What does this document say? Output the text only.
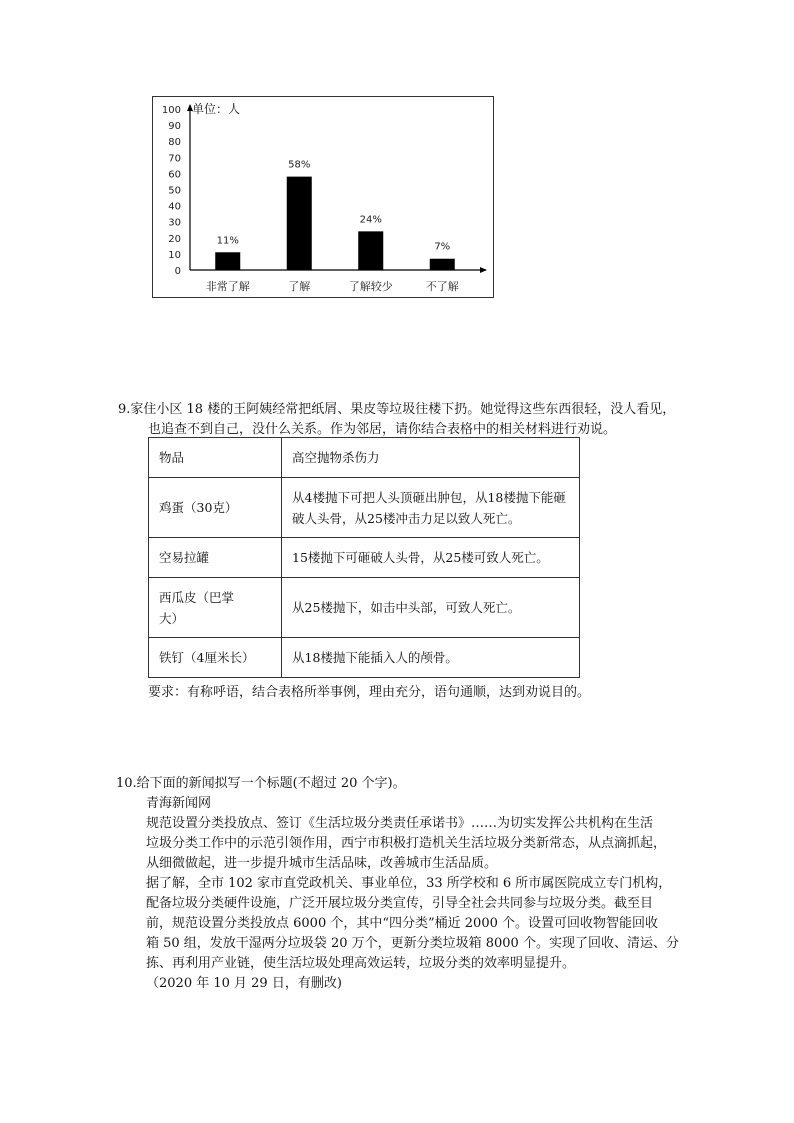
单位：人
0
10
20
30
40
50
60
70
80
90
100
11%
非常了解
58%
了解
24%
了解较少
7%
不了解
9.家住小区 18 楼的王阿姨经常把纸屑、果皮等垃圾往楼下扔。她觉得这些东西很轻，没人看见，
也追查不到自己，没什么关系。作为邻居，请你结合表格中的相关材料进行劝说。
物品	高空抛物杀伤力
鸡蛋（30克）	从4楼抛下可把人头顶砸出肿包，从18楼抛下能砸
破人头骨，从25楼冲击力足以致人死亡。

空易拉罐	15楼抛下可砸破人头骨，从25楼可致人死亡。

西瓜皮（巴掌
大）	从25楼抛下，如击中头部，可致人死亡。
铁钉（4厘米长）	从18楼抛下能插入人的颅骨。
要求：有称呼语，结合表格所举事例，理由充分，语句通顺，达到劝说目的。
10.给下面的新闻拟写一个标题(不超过 20 个字)。
青海新闻网
规范设置分类投放点、签订《生活垃圾分类责任承诺书》……为切实发挥公共机构在生活
垃圾分类工作中的示范引领作用，西宁市积极打造机关生活垃圾分类新常态，从点滴抓起，
从细微做起，进一步提升城市生活品味，改善城市生活品质。
据了解，全市 102 家市直党政机关、事业单位，33 所学校和 6 所市属医院成立专门机构，
配备垃圾分类硬件设施，广泛开展垃圾分类宣传，引导全社会共同参与垃圾分类。截至目
前，规范设置分类投放点 6000 个，其中“四分类”桶近 2000 个。设置可回收物智能回收
箱 50 组，发放干湿两分垃圾袋 20 万个，更新分类垃圾箱 8000 个。实现了回收、清运、分
拣、再利用产业链，使生活垃圾处理高效运转，垃圾分类的效率明显提升。
（2020 年 10 月 29 日，有删改)
